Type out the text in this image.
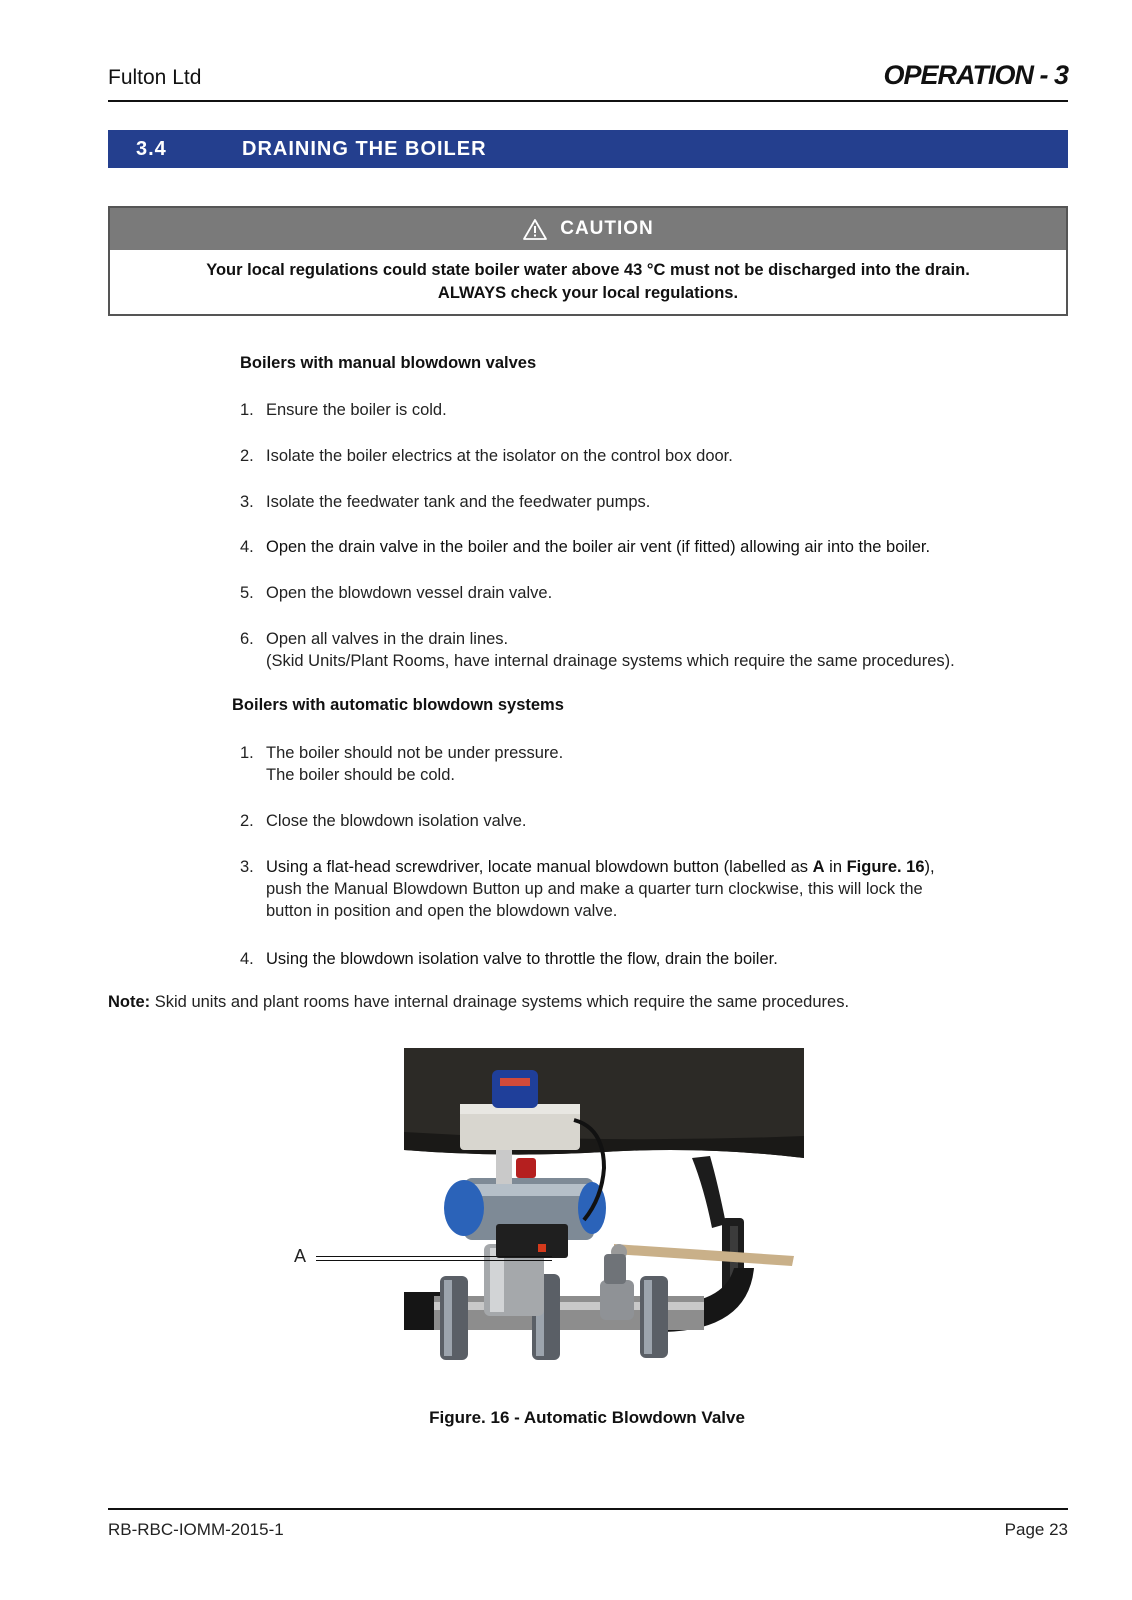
Fulton Ltd	OPERATION - 3
3.4	DRAINING THE BOILER
CAUTION
Your local regulations could state boiler water above 43 °C must not be discharged into the drain.
ALWAYS check your local regulations.
Boilers with manual blowdown valves
1. Ensure the boiler is cold.
2. Isolate the boiler electrics at the isolator on the control box door.
3. Isolate the feedwater tank and the feedwater pumps.
4. Open the drain valve in the boiler and the boiler air vent (if fitted) allowing air into the boiler.
5. Open the blowdown vessel drain valve.
6. Open all valves in the drain lines.
(Skid Units/Plant Rooms, have internal drainage systems which require the same procedures).
Boilers with automatic blowdown systems
1. The boiler should not be under pressure.
The boiler should be cold.
2. Close the blowdown isolation valve.
3. Using a flat-head screwdriver, locate manual blowdown button (labelled as A in Figure. 16),
push the Manual Blowdown Button up and make a quarter turn clockwise, this will lock the
button in position and open the blowdown valve.
4. Using the blowdown isolation valve to throttle the flow, drain the boiler.
Note: Skid units and plant rooms have internal drainage systems which require the same procedures.
A
Figure. 16 - Automatic Blowdown Valve
RB-RBC-IOMM-2015-1	Page 23
